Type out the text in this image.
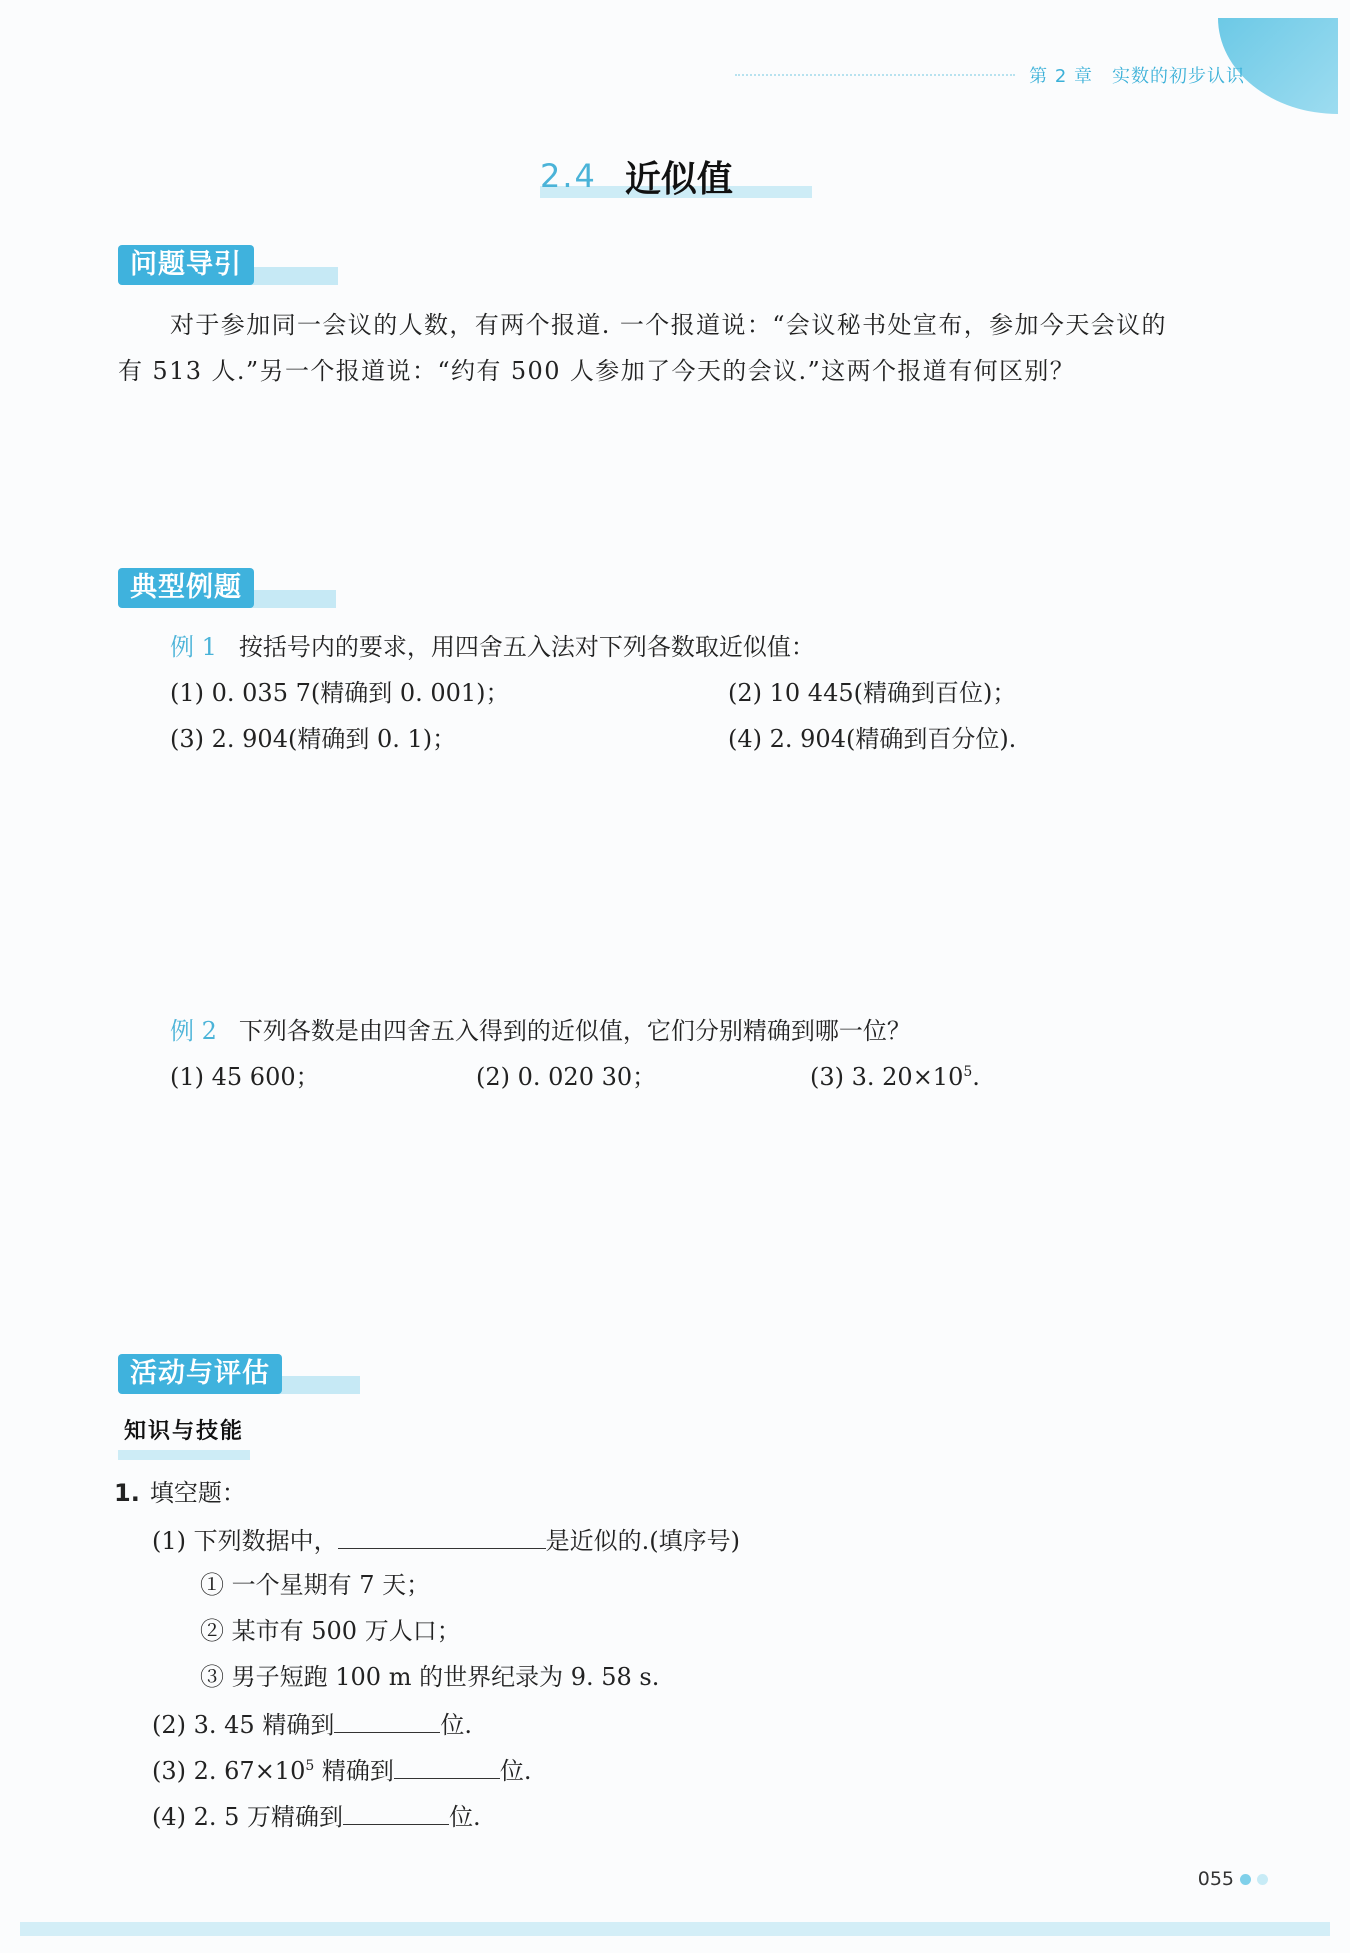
第 2 章　实数的初步认识
2.4 近似值
问题导引
对于参加同一会议的人数，有两个报道. 一个报道说：“会议秘书处宣布，参加今天会议的
有 513 人.”另一个报道说：“约有 500 人参加了今天的会议.”这两个报道有何区别？
典型例题
例 1 按括号内的要求，用四舍五入法对下列各数取近似值：
(1) 0. 035 7(精确到 0. 001)；	(2) 10 445(精确到百位)；
(3) 2. 904(精确到 0. 1)；	(4) 2. 904(精确到百分位).
例 2 下列各数是由四舍五入得到的近似值，它们分别精确到哪一位？
(1) 45 600；	(2) 0. 020 30；	(3) 3. $20\times 10^5$.
活动与评估
知识与技能
1. 填空题：
(1) 下列数据中，	是近似的.(填序号)
① 一个星期有 7 天；
② 某市有 500 万人口；
③ 男子短跑 100 m 的世界纪录为 9. 58 s.
(2) 3. 45 精确到	位.
(3) 2. $67\times 10^5$ 精确到	位.
(4) 2. 5 万精确到	位.
055
